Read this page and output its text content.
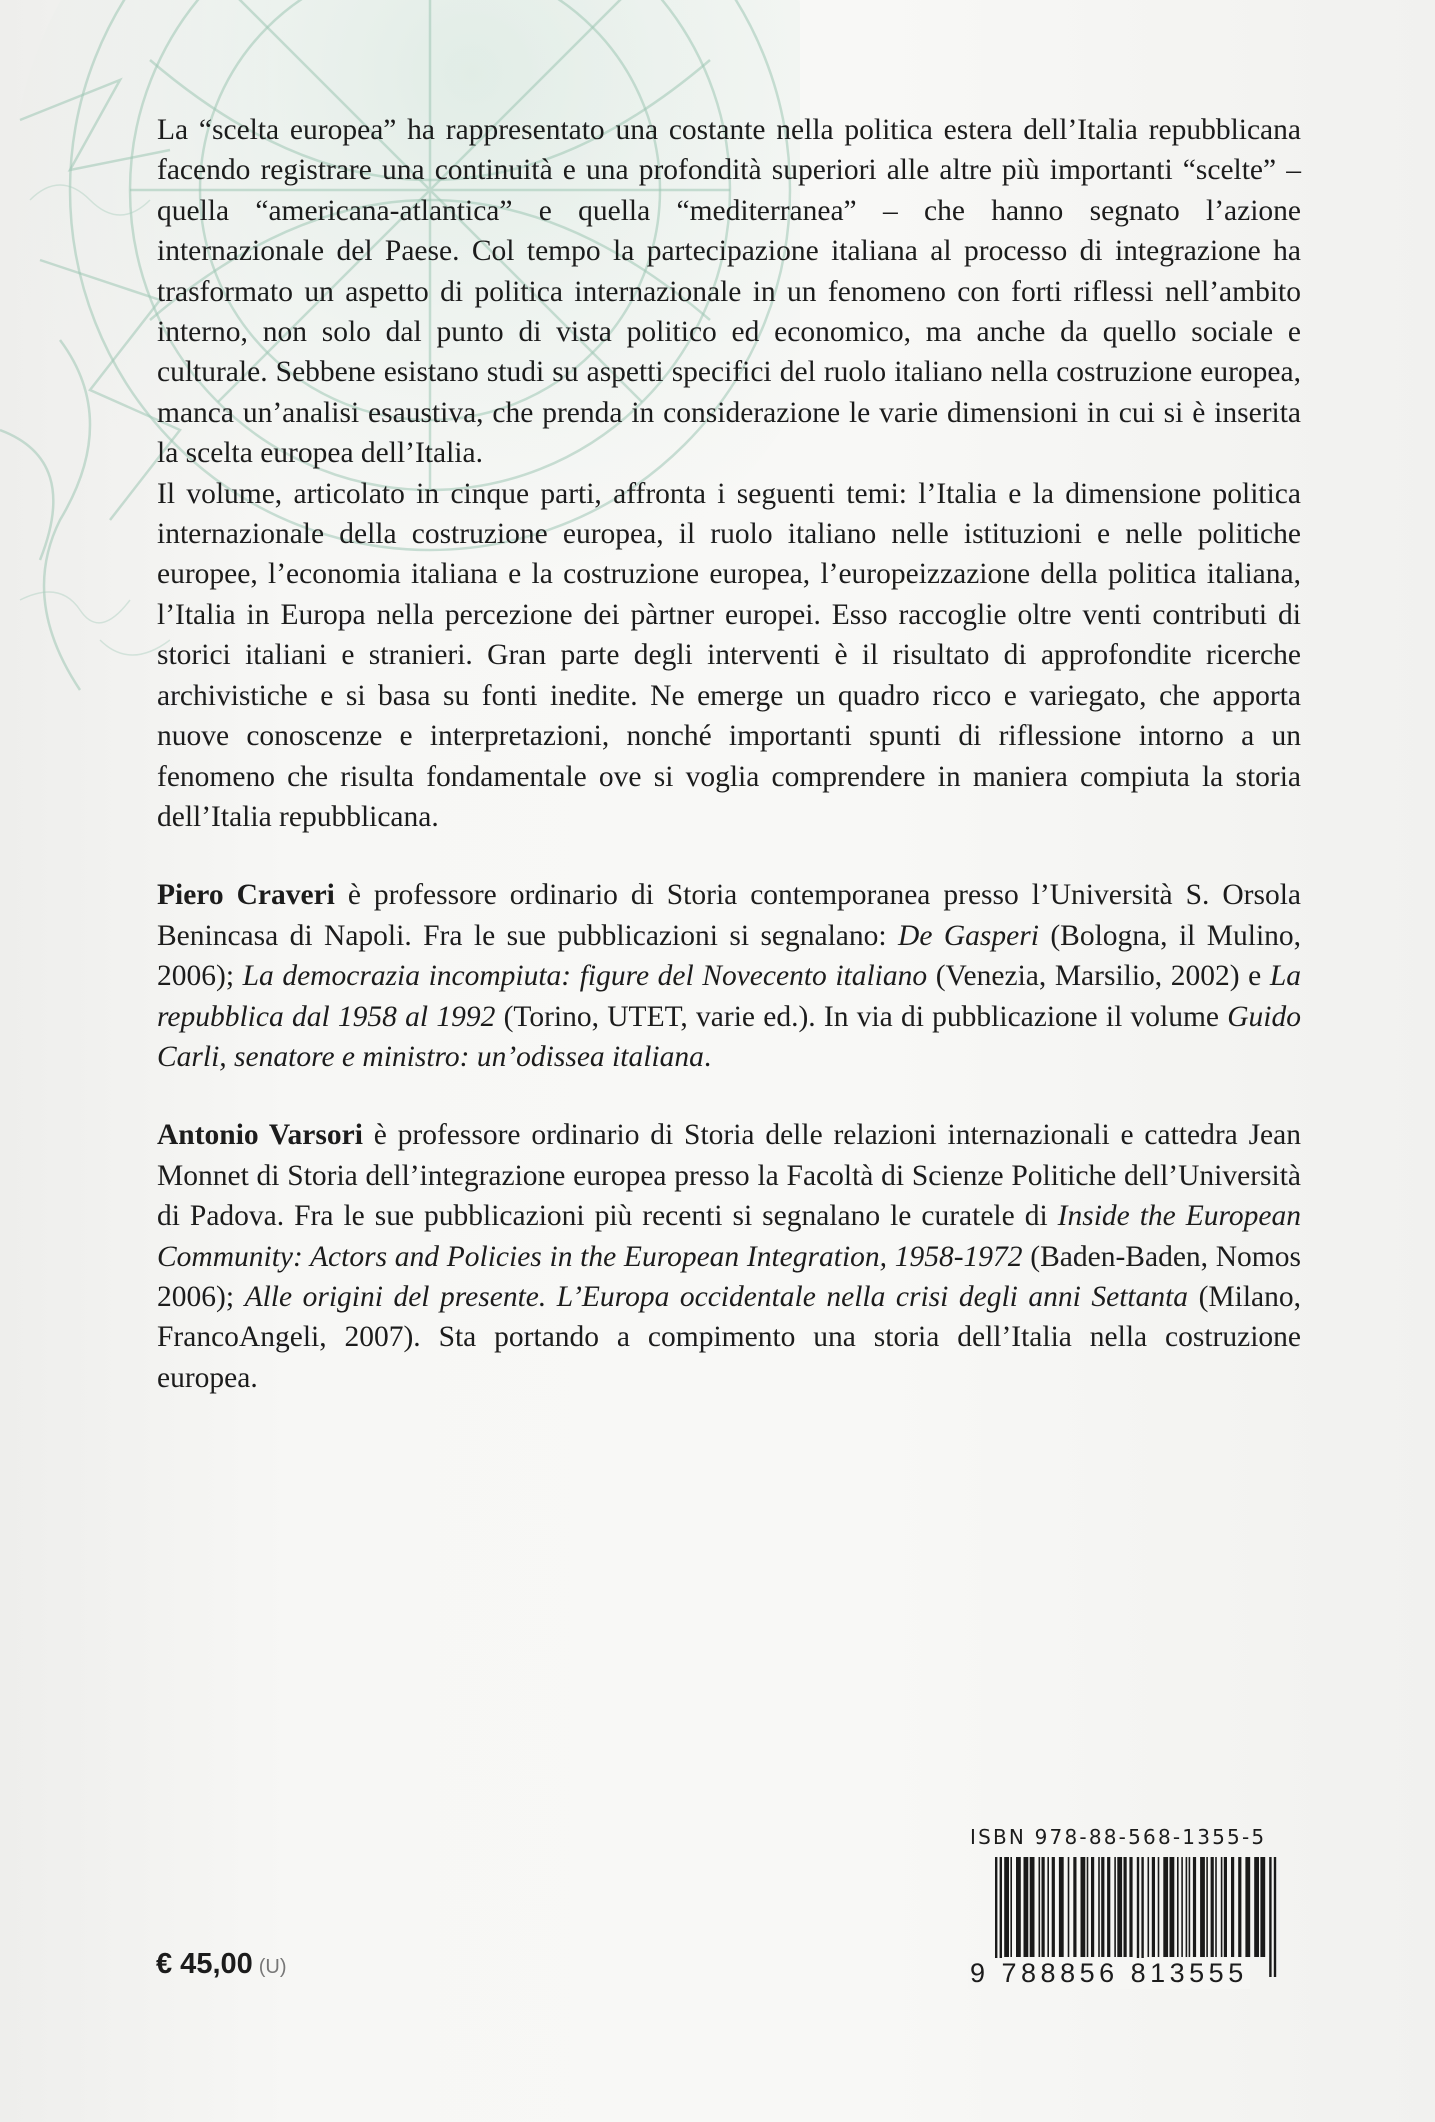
La “scelta europea” ha rappresentato una costante nella politica estera dell’Italia repubblicana facendo registrare una continuità e una profondità superiori alle altre più importanti “scelte” – quella “americana-atlantica” e quella “mediterranea” – che hanno segnato l’azione internazionale del Paese. Col tempo la partecipazione italiana al processo di integrazione ha trasformato un aspetto di politica internazionale in un fenomeno con forti riflessi nell’ambito interno, non solo dal punto di vista politico ed economico, ma anche da quello sociale e culturale. Sebbene esistano studi su aspetti specifici del ruolo italiano nella costruzione europea, manca un’analisi esaustiva, che prenda in considerazione le varie dimensioni in cui si è inserita la scelta europea dell’Italia.

Il volume, articolato in cinque parti, affronta i seguenti temi: l’Italia e la dimensione politica internazionale della costruzione europea, il ruolo italiano nelle istituzioni e nelle politiche europee, l’economia italiana e la costruzione europea, l’europeizzazione della politica italiana, l’Italia in Europa nella percezione dei pàrtner europei. Esso raccoglie oltre venti contributi di storici italiani e stranieri. Gran parte degli interventi è il risultato di approfondite ricerche archivistiche e si basa su fonti inedite. Ne emerge un quadro ricco e variegato, che apporta nuove conoscenze e interpretazioni, nonché importanti spunti di riflessione intorno a un fenomeno che risulta fondamentale ove si voglia comprendere in maniera compiuta la storia dell’Italia repubblicana.

Piero Craveri è professore ordinario di Storia contemporanea presso l’Università S. Orsola Benincasa di Napoli. Fra le sue pubblicazioni si segnalano: De Gasperi (Bologna, il Mulino, 2006); La democrazia incompiuta: figure del Novecento italiano (Venezia, Marsilio, 2002) e La repubblica dal 1958 al 1992 (Torino, UTET, varie ed.). In via di pubblicazione il volume Guido Carli, senatore e ministro: un’odissea italiana.

Antonio Varsori è professore ordinario di Storia delle relazioni internazionali e cattedra Jean Monnet di Storia dell’integrazione europea presso la Facoltà di Scienze Politiche dell’Università di Padova. Fra le sue pubblicazioni più recenti si segnalano le curatele di Inside the European Community: Actors and Policies in the European Integration, 1958-1972 (Baden-Baden, Nomos 2006); Alle origini del presente. L’Europa occidentale nella crisi degli anni Settanta (Milano, FrancoAngeli, 2007). Sta portando a compimento una storia dell’Italia nella costruzione europea.

ISBN 978-88-568-1355-5
9 788856 813555
€ 45,00 (U)
